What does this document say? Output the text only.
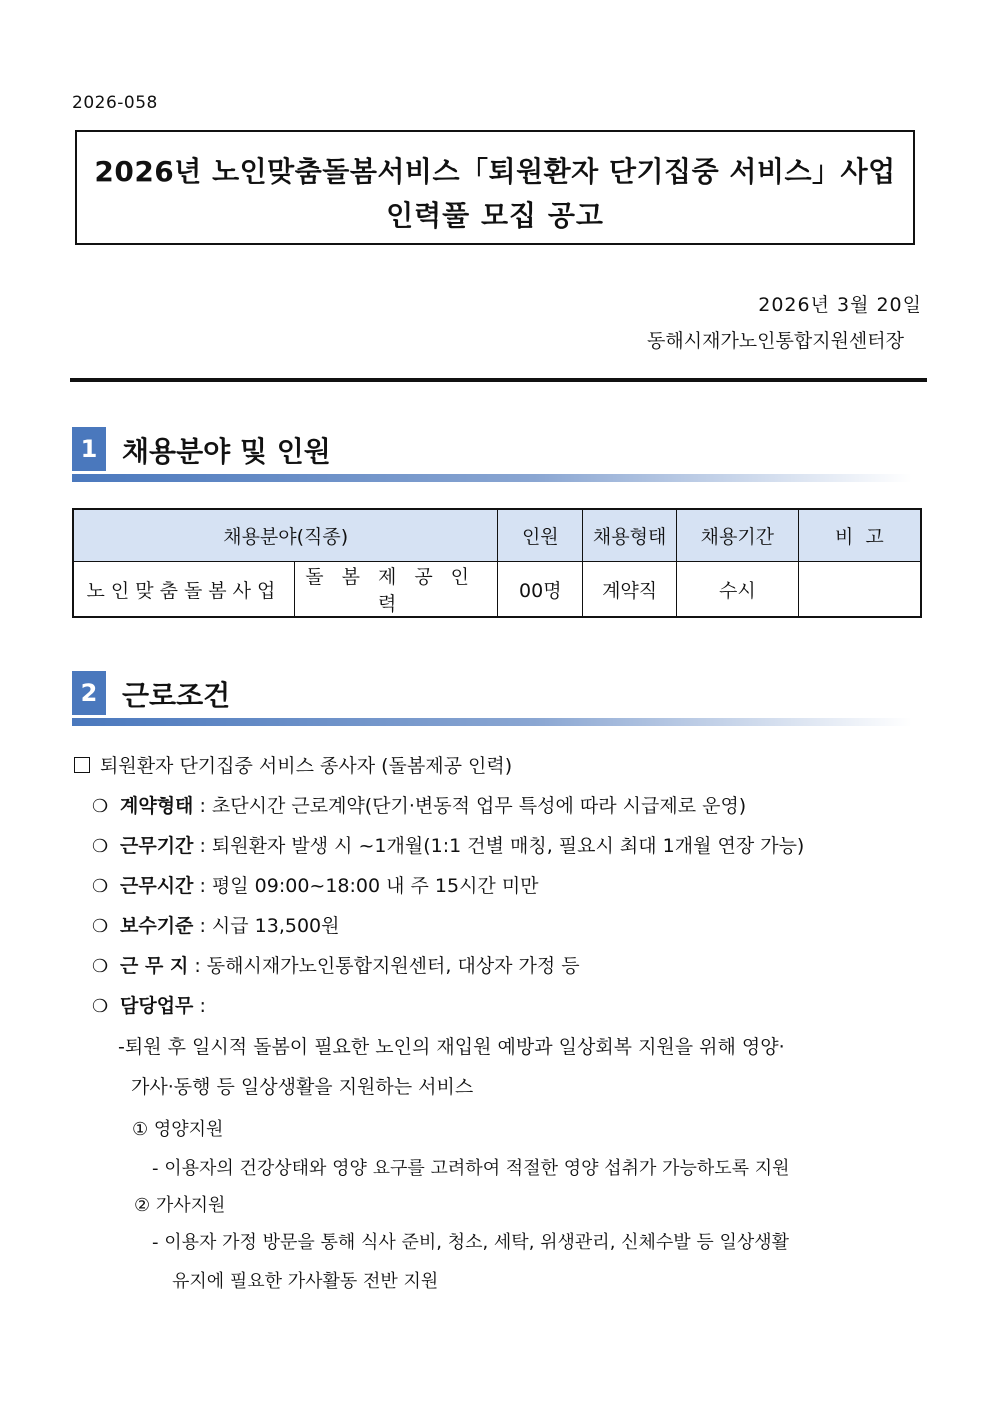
2026-058
2026년 노인맞춤돌봄서비스「퇴원환자 단기집중 서비스」사업
인력풀 모집 공고
2026년 3월 20일
동해시재가노인통합지원센터장
1 채용분야 및 인원
채용분야(직종)		인원	채용형태	채용기간	비  고
노인맞춤돌봄사업	돌봄제공인력	00명	계약직	수시	
2 근로조건
퇴원환자 단기집중 서비스 종사자 (돌봄제공 인력)
❍ 계약형태 : 초단시간 근로계약(단기·변동적 업무 특성에 따라 시급제로 운영)
❍ 근무기간 : 퇴원환자 발생 시 ~1개월(1:1 건별 매칭, 필요시 최대 1개월 연장 가능)
❍ 근무시간 : 평일 09:00~18:00 내 주 15시간 미만
❍ 보수기준 : 시급 13,500원
❍ 근 무 지 : 동해시재가노인통합지원센터, 대상자 가정 등
❍ 담당업무 :
-퇴원 후 일시적 돌봄이 필요한 노인의 재입원 예방과 일상회복 지원을 위해 영양·
가사·동행 등 일상생활을 지원하는 서비스
① 영양지원
- 이용자의 건강상태와 영양 요구를 고려하여 적절한 영양 섭취가 가능하도록 지원
② 가사지원
- 이용자 가정 방문을 통해 식사 준비, 청소, 세탁, 위생관리, 신체수발 등 일상생활
유지에 필요한 가사활동 전반 지원
